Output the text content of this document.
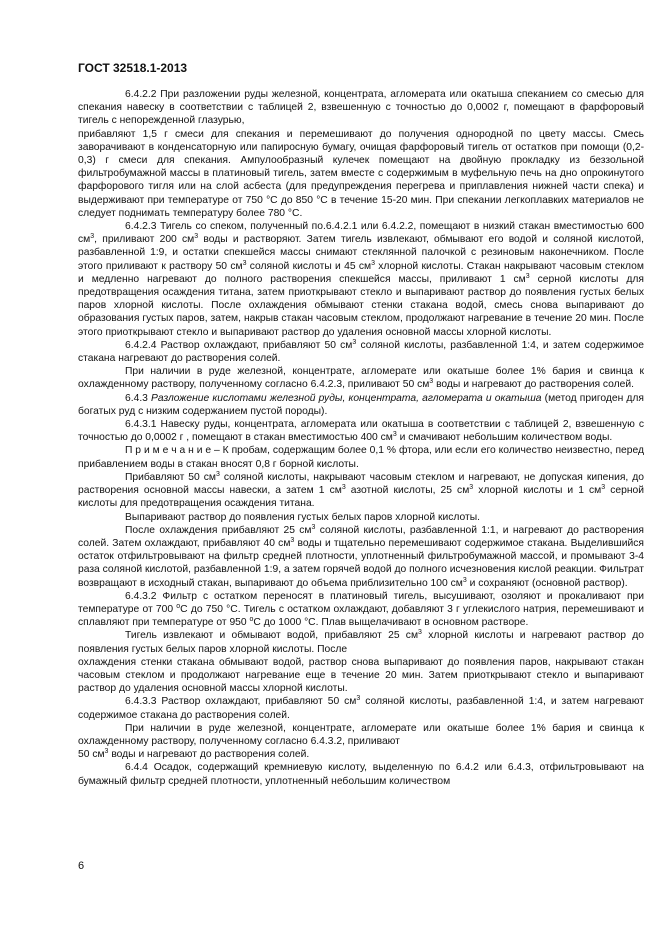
ГОСТ 32518.1-2013

6.4.2.2 При разложении руды железной, концентрата, агломерата или окатыша спеканием со смесью для спекания навеску в соответствии с таблицей 2, взвешенную с точностью до 0,0002 г, помещают в фарфоровый тигель с непорежденной глазурью,

прибавляют 1,5 г смеси для спекания и перемешивают до получения однородной по цвету массы. Смесь заворачивают в конденсаторную или папиросную бумагу, очищая фарфоровый тигель от остатков при помощи (0,2-0,3) г смеси для спекания. Ампулообразный кулечек помещают на двойную прокладку из беззольной фильтробумажной массы в платиновый тигель, затем вместе с содержимым в муфельную печь на дно опрокинутого фарфорового тигля или на слой асбеста (для предупреждения перегрева и приплавления нижней части спека) и выдерживают при температуре от 750 °С до 850 °С в течение 15-20 мин. При спекании легкоплавких материалов не следует поднимать температуру более 780 °С.

6.4.2.3 Тигель со спеком, полученный по.6.4.2.1 или 6.4.2.2, помещают в низкий стакан вместимостью 600 $см^3$, приливают 200 $см^3$ воды и растворяют. Затем тигель извлекают, обмывают его водой и соляной кислотой, разбавленной 1:9, и остатки спекшейся массы снимают стеклянной палочкой с резиновым наконечником. После этого приливают к раствору 50 $см^3$ соляной кислоты и 45 $см^3$ хлорной кислоты. Стакан накрывают часовым стеклом и медленно нагревают до полного растворения спекшейся массы, приливают 1 $см^3$ серной кислоты для предотвращения осаждения титана, затем приоткрывают стекло и выпаривают раствор до появления густых белых паров хлорной кислоты. После охлаждения обмывают стенки стакана водой, смесь снова выпаривают до образования густых паров, затем, накрыв стакан часовым стеклом, продолжают нагревание в течение 20 мин. После этого приоткрывают стекло и выпаривают раствор до удаления основной массы хлорной кислоты.

6.4.2.4 Раствор охлаждают, прибавляют 50 $см^3$ соляной кислоты, разбавленной 1:4, и затем содержимое стакана нагревают до растворения солей.

При наличии в руде железной, концентрате, агломерате или окатыше более 1% бария и свинца к охлажденному раствору, полученному согласно 6.4.2.3, приливают 50 $см^3$ воды и нагревают до растворения солей.

6.4.3 Разложение кислотами железной руды, концентрата, агломерата и окатыша (метод пригоден для богатых руд с низким содержанием пустой породы).

6.4.3.1 Навеску руды, концентрата, агломерата или окатыша в соответствии с таблицей 2, взвешенную с точностью до 0,0002 г , помещают в стакан вместимостью 400 $см^3$ и смачивают небольшим количеством воды.

П р и м е ч а н и е – К пробам, содержащим более 0,1 % фтора, или если его количество неизвестно, перед прибавлением воды в стакан вносят 0,8 г борной кислоты.

Прибавляют 50 $см^3$ соляной кислоты, накрывают часовым стеклом и нагревают, не допуская кипения, до растворения основной массы навески, а затем 1 $см^3$ азотной кислоты, 25 $см^3$ хлорной кислоты и 1 $см^3$ серной кислоты для предотвращения осаждения титана.

Выпаривают раствор до появления густых белых паров хлорной кислоты.

После охлаждения прибавляют 25 $см^3$ соляной кислоты, разбавленной 1:1, и нагревают до растворения солей. Затем охлаждают, прибавляют 40 $см^3$ воды и тщательно перемешивают содержимое стакана. Выделившийся остаток отфильтровывают на фильтр средней плотности, уплотненный фильтробумажной массой, и промывают 3-4 раза соляной кислотой, разбавленной 1:9, а затем горячей водой до полного исчезновения кислой реакции. Фильтрат возвращают в исходный стакан, выпаривают до объема приблизительно 100 $см^3$ и сохраняют (основной раствор).

6.4.3.2 Фильтр с остатком переносят в платиновый тигель, высушивают, озоляют и прокаливают при температуре от 700 $^о$С до 750 °С. Тигель с остатком охлаждают, добавляют 3 г углекислого натрия, перемешивают и сплавляют при температуре от 950 $^о$С до 1000 °С. Плав выщелачивают в основном растворе.

Тигель извлекают и обмывают водой, прибавляют 25 $см^3$ хлорной кислоты и нагревают раствор до появления густых белых паров хлорной кислоты. После

охлаждения стенки стакана обмывают водой, раствор снова выпаривают до появления паров, накрывают стакан часовым стеклом и продолжают нагревание еще в течение 20 мин. Затем приоткрывают стекло и выпаривают раствор до удаления основной массы хлорной кислоты.

6.4.3.3 Раствор охлаждают, прибавляют 50 $см^3$ соляной кислоты, разбавленной 1:4, и затем нагревают содержимое стакана до растворения солей.

При наличии в руде железной, концентрате, агломерате или окатыше более 1% бария и свинца к охлажденному раствору, полученному согласно 6.4.3.2, приливают

50 $см^3$ воды и нагревают до растворения солей.

6.4.4 Осадок, содержащий кремниевую кислоту, выделенную по 6.4.2 или 6.4.3, отфильтровывают на бумажный фильтр средней плотности, уплотненный небольшим количеством

6
